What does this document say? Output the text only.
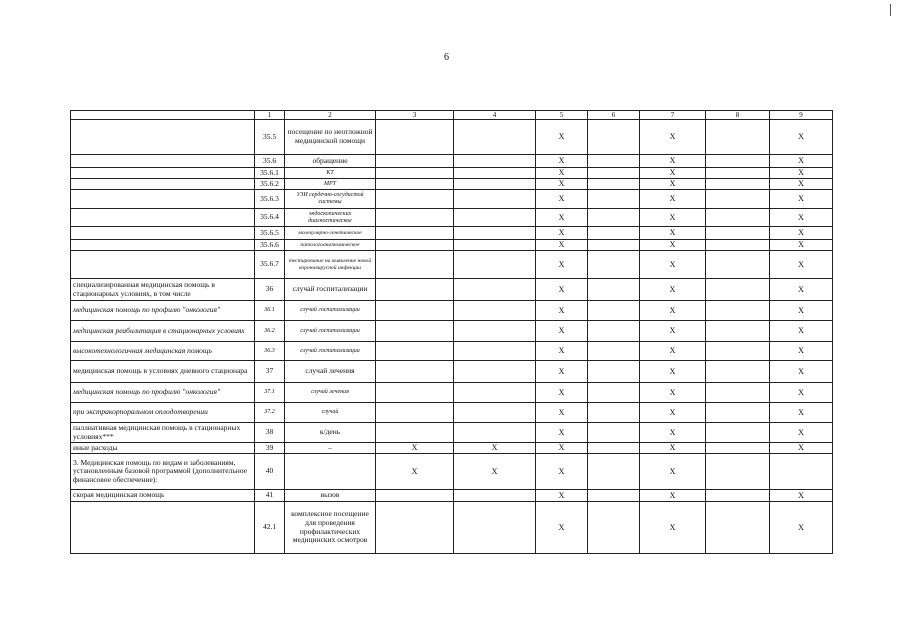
6
	1	2	3	4	5	6	7	8	9
	35.5	посещение по неотложной медицинской помощи			X		X		X
	35.6	обращение			X		X		X
	35.6.1	КТ			X		X		X
	35.6.2	МРТ			X		X		X
	35.6.3	УЗИ сердечно-сосудистой системы			X		X		X
	35.6.4	эндоскопических диагностическое			X		X		X
	35.6.5	молекулярно-генетическое			X		X		X
	35.6.6	патологоанатомическое			X		X		X
	35.6.7	тестирование на выявление новой коронавирусной инфекции			X		X		X
специализированная медицинская помощь в стационарных условиях, в том числе	36	случай госпитализации			X		X		X
медицинская помощь по профилю "онкология"	36.1	случай госпитализации			X		X		X
медицинская реабилитация в стационарных условиях	36.2	случай госпитализации			X		X		X
высокотехнологичная медицинская помощь	36.3	случай госпитализации			X		X		X
медицинская помощь в условиях дневного стационара	37	случай лечения			X		X		X
медицинская помощь по профилю "онкология"	37.1	случай лечения			X		X		X
при экстракорпоральном оплодотворении	37.2	случай			X		X		X
паллиативная медицинская помощь в стационарных условиях***	38	к/день			X		X		X
иные расходы	39	–	X	X	X		X		X
3. Медицинская помощь по видам и заболеваниям, установленным базовой программой (дополнительное финансовое обеспечение):	40		X	X	X		X		
скорая медицинская помощь	41	вызов			X		X		X
	42.1	комплексное посещение для проведения профилактических медицинских осмотров			X		X		X
